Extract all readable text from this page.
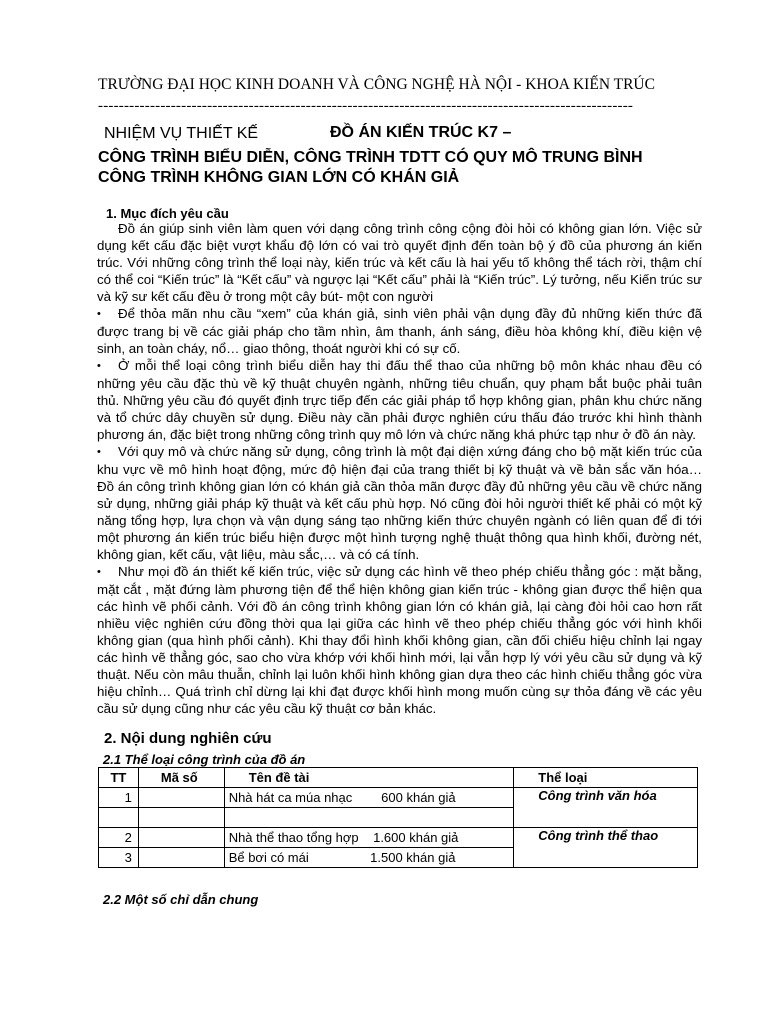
TRƯỜNG ĐẠI HỌC KINH DOANH VÀ CÔNG NGHỆ HÀ NỘI - KHOA KIẾN TRÚC
-------------------------------------------------------------------------------------------------------
NHIỆM VỤ THIẾT KẾ	ĐỒ ÁN KIẾN TRÚC K7 –
CÔNG TRÌNH BIỂU DIỄN, CÔNG TRÌNH TDTT CÓ QUY MÔ TRUNG BÌNH
CÔNG TRÌNH KHÔNG GIAN LỚN CÓ KHÁN GIẢ
1. Mục đích yêu cầu

Đồ án giúp sinh viên làm quen với dạng công trình công cộng đòi hỏi có không gian lớn. Việc sử dụng kết cấu đặc biệt vượt khẩu độ lớn có vai trò quyết định đến toàn bộ ý đồ của phương án kiến trúc. Với những công trình thể loại này, kiến trúc và kết cấu là hai yếu tố không thể tách rời, thậm chí có thể coi “Kiến trúc” là “Kết cấu” và ngược lại “Kết cấu” phải là “Kiến trúc”. Lý tưởng, nếu Kiến trúc sư và kỹ sư kết cấu đều ở trong một cây bút- một con người

• Để thỏa mãn nhu cầu “xem” của khán giả, sinh viên phải vận dụng đầy đủ những kiến thức đã được trang bị về các giải pháp cho tầm nhìn, âm thanh, ánh sáng, điều hòa không khí, điều kiện vệ sinh, an toàn cháy, nổ… giao thông, thoát người khi có sự cố.

• Ở mỗi thể loại công trình biểu diễn hay thi đấu thể thao của những bộ môn khác nhau đều có những yêu cầu đặc thù về kỹ thuật chuyên ngành, những tiêu chuẩn, quy phạm bắt buộc phải tuân thủ. Những yêu cầu đó quyết định trực tiếp đến các giải pháp tổ hợp không gian, phân khu chức năng và tổ chức dây chuyền sử dụng. Điều này cần phải được nghiên cứu thấu đáo trước khi hình thành phương án, đặc biệt trong những công trình quy mô lớn và chức năng khá phức tạp như ở đồ án này.

• Với quy mô và chức năng sử dụng, công trình là một đại diện xứng đáng cho bộ mặt kiến trúc của khu vực về mô hình hoạt động, mức độ hiện đại của trang thiết bị kỹ thuật và về bản sắc văn hóa… Đồ án công trình không gian lớn có khán giả cần thỏa mãn được đầy đủ những yêu cầu về chức năng sử dụng, những giải pháp kỹ thuật và kết cấu phù hợp. Nó cũng đòi hỏi người thiết kế phải có một kỹ năng tổng hợp, lựa chọn và vận dụng sáng tạo những kiến thức chuyên ngành có liên quan để đi tới một phương án kiến trúc biểu hiện được một hình tượng nghệ thuật thông qua hình khối, đường nét, không gian, kết cấu, vật liệu, màu sắc,… và có cá tính.

• Như mọi đồ án thiết kế kiến trúc, việc sử dụng các hình vẽ theo phép chiếu thẳng góc : mặt bằng, mặt cắt , mặt đứng làm phương tiện để thể hiện không gian kiến trúc - không gian được thể hiện qua các hình vẽ phối cảnh. Với đồ án công trình không gian lớn có khán giả, lại càng đòi hỏi cao hơn rất nhiều việc nghiên cứu đồng thời qua lại giữa các hình vẽ theo phép chiếu thẳng góc với hình khối không gian (qua hình phối cảnh). Khi thay đổi hình khối không gian, cần đối chiếu hiệu chỉnh lại ngay các hình vẽ thẳng góc, sao cho vừa khớp với khối hình mới, lại vẫn hợp lý với yêu cầu sử dụng và kỹ thuật. Nếu còn mâu thuẫn, chỉnh lại luôn khối hình không gian dựa theo các hình chiếu thẳng góc vừa hiệu chỉnh… Quá trình chỉ dừng lại khi đạt được khối hình mong muốn cùng sự thỏa đáng về các yêu cầu sử dụng cũng như các yêu cầu kỹ thuật cơ bản khác.

2. Nội dung nghiên cứu
2.1 Thể loại công trình của đồ án
TT	Mã số	Tên đề tài	Thể loại
1		Nhà hát ca múa nhạc        600 khán giả	Công trình văn hóa

2		Nhà thể thao tổng hợp    1.600 khán giả	Công trình thể thao
3		Bể bơi có mái                 1.500 khán giả	
2.2 Một số chỉ dẫn chung
